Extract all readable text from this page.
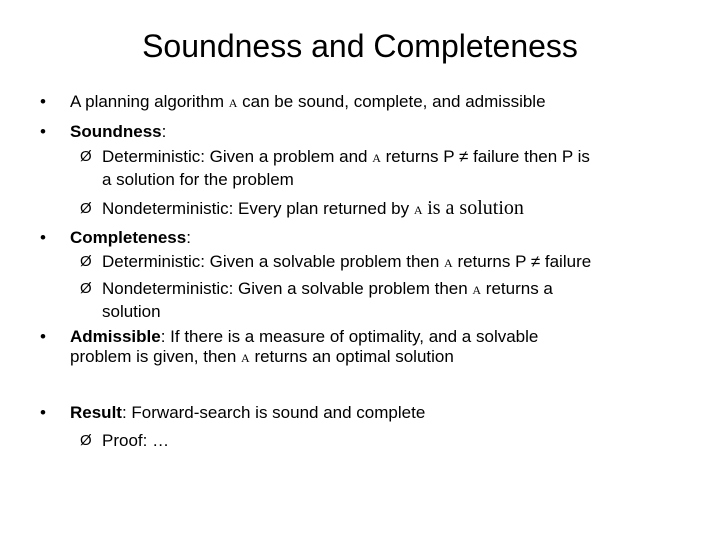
Soundness and Completeness
•	A planning algorithm A can be sound, complete, and admissible
•	Soundness:
Ø Deterministic: Given a problem and A returns P ≠ failure then P is
a solution for the problem
Ø Nondeterministic: Every plan returned by A is a solution
•	Completeness:
Ø Deterministic: Given a solvable problem then A returns P ≠ failure
Ø Nondeterministic: Given a solvable problem then A returns a
solution
•	Admissible: If there is a measure of optimality, and a solvable
problem is given, then A returns an optimal solution
•	Result: Forward-search is sound and complete
Ø Proof: …
